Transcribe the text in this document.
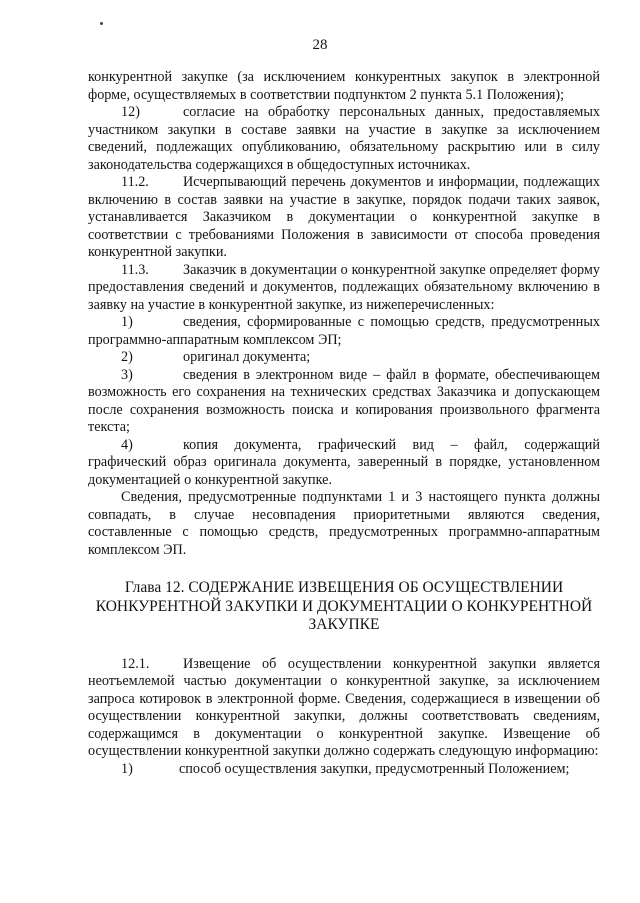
28

конкурентной закупке (за исключением конкурентных закупок в электронной форме, осуществляемых в соответствии подпунктом 2 пункта 5.1 Положения);

12)	согласие на обработку персональных данных, предоставляемых участником закупки в составе заявки на участие в закупке за исключением сведений, подлежащих опубликованию, обязательному раскрытию или в силу законодательства содержащихся в общедоступных источниках.

11.2. Исчерпывающий перечень документов и информации, подлежащих включению в состав заявки на участие в закупке, порядок подачи таких заявок, устанавливается Заказчиком в документации о конкурентной закупке в соответствии с требованиями Положения в зависимости от способа проведения конкурентной закупки.

11.3. Заказчик в документации о конкурентной закупке определяет форму предоставления сведений и документов, подлежащих обязательному включению в заявку на участие в конкурентной закупке, из нижеперечисленных:

1)	сведения, сформированные с помощью средств, предусмотренных программно-аппаратным комплексом ЭП;

2)	оригинал документа;

3)	сведения в электронном виде – файл в формате, обеспечивающем возможность его сохранения на технических средствах Заказчика и допускающем после сохранения возможность поиска и копирования произвольного фрагмента текста;

4)	копия документа, графический вид – файл, содержащий графический образ оригинала документа, заверенный в порядке, установленном документацией о конкурентной закупке.

Сведения, предусмотренные подпунктами 1 и 3 настоящего пункта должны совпадать, в случае несовпадения приоритетными являются сведения, составленные с помощью средств, предусмотренных программно-аппаратным комплексом ЭП.

Глава 12. СОДЕРЖАНИЕ ИЗВЕЩЕНИЯ ОБ ОСУЩЕСТВЛЕНИИ
КОНКУРЕНТНОЙ ЗАКУПКИ И ДОКУМЕНТАЦИИ О КОНКУРЕНТНОЙ
ЗАКУПКЕ

12.1. Извещение об осуществлении конкурентной закупки является неотъемлемой частью документации о конкурентной закупке, за исключением запроса котировок в электронной форме. Сведения, содержащиеся в извещении об осуществлении конкурентной закупки, должны соответствовать сведениям, содержащимся в документации о конкурентной закупке. Извещение об осуществлении конкурентной закупки должно содержать следующую информацию:

1)	способ осуществления закупки, предусмотренный Положением;
